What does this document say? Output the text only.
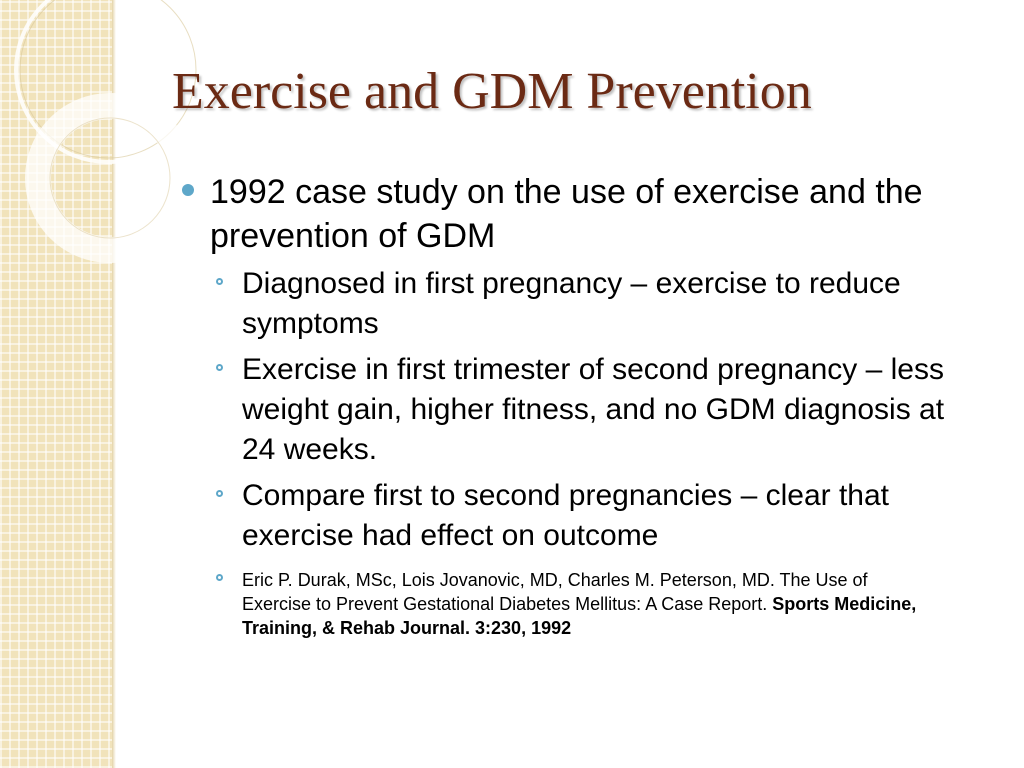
Exercise and GDM Prevention
1992 case study on the use of exercise and the prevention of GDM
Diagnosed in first pregnancy – exercise to reduce symptoms
Exercise in first trimester of second pregnancy – less weight gain, higher fitness, and no GDM diagnosis at 24 weeks.
Compare first to second pregnancies – clear that exercise had effect on outcome
Eric P. Durak, MSc, Lois Jovanovic, MD, Charles M. Peterson, MD. The Use of Exercise to Prevent Gestational Diabetes Mellitus: A Case Report. Sports Medicine, Training, & Rehab Journal. 3:230, 1992
